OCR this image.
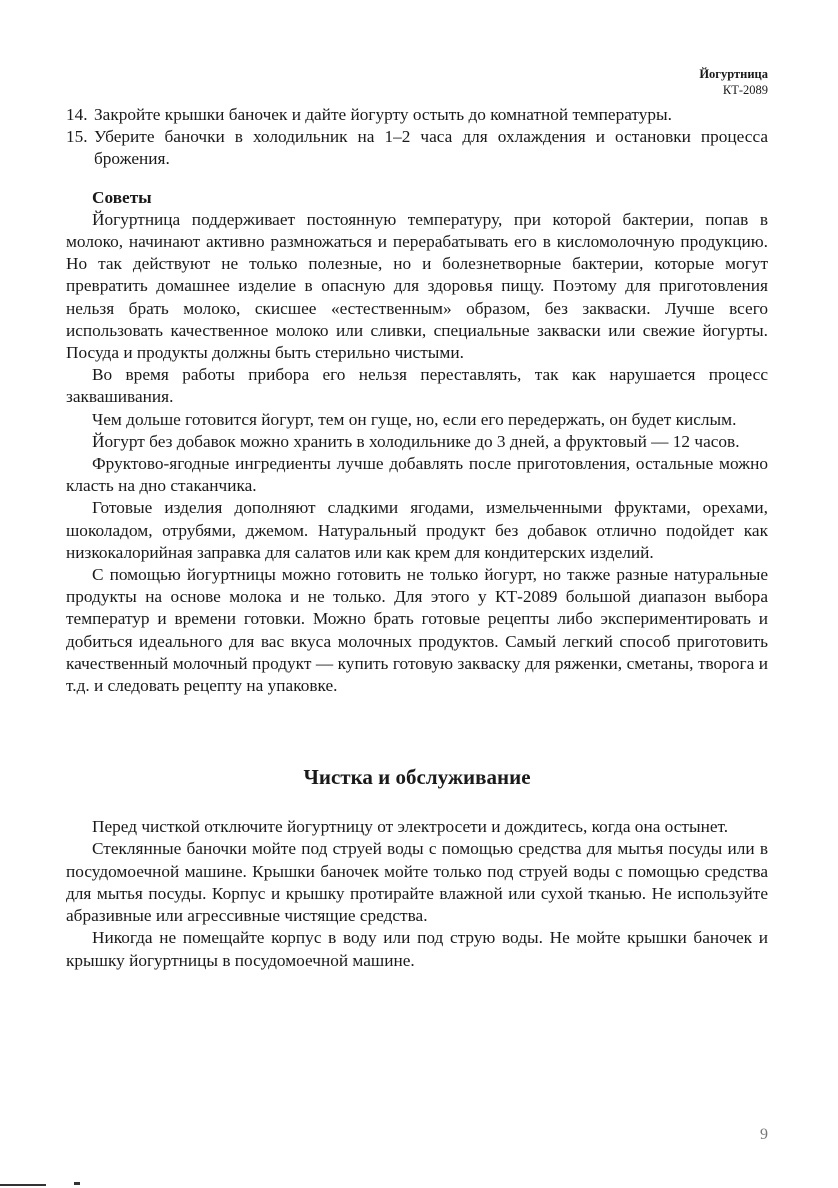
Йогуртница
КТ-2089
14. Закройте крышки баночек и дайте йогурту остыть до комнатной температуры.
15. Уберите баночки в холодильник на 1–2 часа для охлаждения и остановки процесса брожения.
Советы

Йогуртница поддерживает постоянную температуру, при которой бактерии, попав в молоко, начинают активно размножаться и перерабатывать его в кисломолочную продукцию. Но так действуют не только полезные, но и болезнетворные бактерии, которые могут превратить домашнее изделие в опасную для здоровья пищу. Поэтому для приготовления нельзя брать молоко, скисшее «естественным» образом, без закваски. Лучше всего использовать качественное молоко или сливки, специальные закваски или свежие йогурты. Посуда и продукты должны быть стерильно чистыми.

Во время работы прибора его нельзя переставлять, так как нарушается процесс заквашивания.

Чем дольше готовится йогурт, тем он гуще, но, если его передержать, он будет кислым.

Йогурт без добавок можно хранить в холодильнике до 3 дней, а фруктовый — 12 часов.

Фруктово-ягодные ингредиенты лучше добавлять после приготовления, остальные можно класть на дно стаканчика.

Готовые изделия дополняют сладкими ягодами, измельченными фруктами, орехами, шоколадом, отрубями, джемом. Натуральный продукт без добавок отлично подойдет как низкокалорийная заправка для салатов или как крем для кондитерских изделий.

С помощью йогуртницы можно готовить не только йогурт, но также разные натуральные продукты на основе молока и не только. Для этого у КТ-2089 большой диапазон выбора температур и времени готовки. Можно брать готовые рецепты либо экспериментировать и добиться идеального для вас вкуса молочных продуктов. Самый легкий способ приготовить качественный молочный продукт — купить готовую закваску для ряженки, сметаны, творога и т.д. и следовать рецепту на упаковке.

Чистка и обслуживание

Перед чисткой отключите йогуртницу от электросети и дождитесь, когда она остынет.

Стеклянные баночки мойте под струей воды с помощью средства для мытья посуды или в посудомоечной машине. Крышки баночек мойте только под струей воды с помощью средства для мытья посуды. Корпус и крышку протирайте влажной или сухой тканью. Не используйте абразивные или агрессивные чистящие средства.

Никогда не помещайте корпус в воду или под струю воды. Не мойте крышки баночек и крышку йогуртницы в посудомоечной машине.

9
